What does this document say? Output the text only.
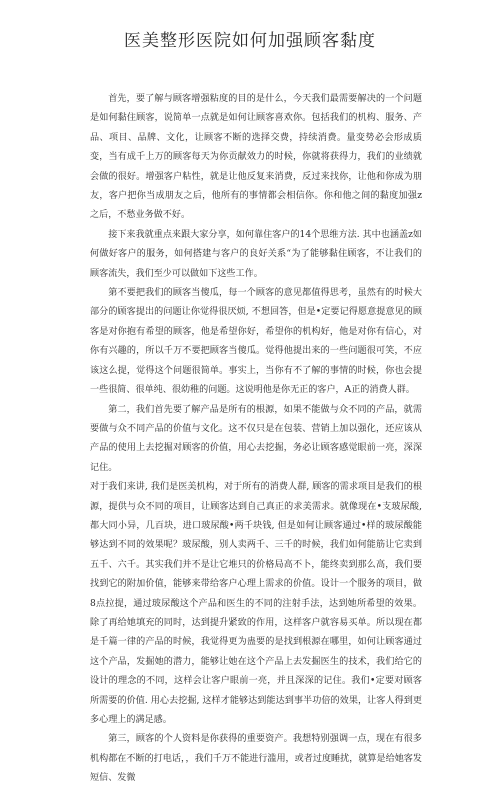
医美整形医院如何加强顾客黏度

首先，要了解与顾客增强粘度的目的是什么，今天我们最需要解决的一个问题是如何黏住顾客，说简单一点就是如何让顾客喜欢你。包括我们的机构、服务、产品、项目、品牌、文化，让顾客不断的选择交费，持续消费。量变势必会形成质变，当有成千上万的顾客每天为你贡献效力的时候，你就将获得力，我们的业绩就会做的很好。增强客户粘性，就是让他反复来消费，反过来找你，让他和你成为朋友，客户把你当成朋友之后，他所有的事情都会相信你。你和他之间的黏度加强z之后，不愁业务做不好。

接下来我就重点来跟大家分享，如何靠住客户的14个思维方法. 其中也涵盖z如何做好客户的服务，如何搭建与客户的良好关系“为了能够黏住顾客，不让我们的顾客流失，我们至少可以做如下这些工作。

第不要把我们的顾客当傻瓜，每一个顾客的意见都值得思考，虽然有的时候大部分的顾客提出的问题让你觉得很厌烦, 不想回答，但是•定要记得愿意提意见的顾客是对你抱有希望的顾客，他是希望你好，希望你的机构好，他是对你有信心，对你有兴趣的，所以千万不要把顾客当傻瓜。觉得他提出来的一些问题很可笑，不应该这么提，觉得这个问题很简单。事实上，当你有不了解的事情的时候，你也会提一些很简、很单纯、很幼稚的问题。这说明他是你无正的客户，A正的消费人群。

第二，我们首先要了解产品是所有的根源，如果不能做与众不同的产品，就需要做与众不同产品的价值与文化。这不仅只是在包装、营销上加以强化，还应该从产品的使用上去挖掘对顾客的价值，用心去挖掘，务必让顾客感觉眼前一亮，深深记住。

对于我们来讲, 我们是医美机构，对于所有的消费人群, 顾客的需求项目是我们的根源，提供与众不同的项目，让顾客达到自己真正的求美需求。就像现在•支玻尿酸, 都大同小异，几百块，进口玻尿酸•两千块钱, 但是如何让顾客通过•样的玻尿酸能够达到不同的效果呢？玻尿酸，别人卖两千、三千的时候，我们如何能筋让它卖到五千、六千。其实我们并不是让它堆只的价格局高不卜，能终卖到那么高，我们要找到它的附加价值，能够来带给客户心理上需求的价值。设计一个服务的项目，做8点拉提，通过玻尿酸这个产品和医生的不同的注射手法，达到她所希望的效果。除了再给她填充的同时，达到提升紧致的作用，这样客户就容易买单。所以现在都是千篇一律的产品的时候，我觉得更为蛊要的是找到根源在哪里，如何让顾客通过这个产品，发掘她的潜力，能够让她在这个产品上去发掘医生的技术，我们给它的设计的理念的不同，这样会让客户眼前一亮，并且深深的记住。我们•定要对顾客所需要的价值. 用心去挖掘, 这样才能够达到能达到事半功倍的效果，让客人得到更多心理上的满足感。

第三，顾客的个人资料是你获得的重要资产。我想特别强调一点，现在有很多机构都在不断的打电话，，我们千万不能进行滥用，或者过度睡扰，就算是给她客发短信、发微
